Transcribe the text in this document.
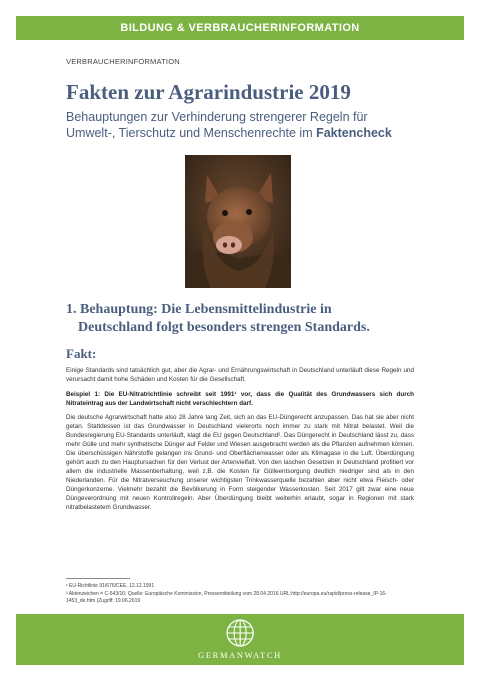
BILDUNG & VERBRAUCHERINFORMATION
VERBRAUCHERINFORMATION
Fakten zur Agrarindustrie 2019
Behauptungen zur Verhinderung strengerer Regeln für Umwelt-, Tierschutz und Menschenrechte im Faktencheck
1. Behauptung: Die Lebensmittelindustrie in
Deutschland folgt besonders strengen Standards.
Fakt:

Einige Standards sind tatsächlich gut, aber die Agrar- und Ernährungswirtschaft in Deutschland unterläuft diese Regeln und verursacht damit hohe Schäden und Kosten für die Gesellschaft.

Beispiel 1: Die EU-Nitratrichtlinie schreibt seit 1991¹ vor, dass die Qualität des Grundwassers sich durch Nitrateintrag aus der Landwirtschaft nicht verschlechtern darf.

Die deutsche Agrarwirtschaft hatte also 28 Jahre lang Zeit, sich an das EU-Düngerecht anzupassen. Das hat sie aber nicht getan. Stattdessen ist das Grundwasser in Deutschland vielerorts noch immer zu stark mit Nitrat belastet. Weil die Bundesregierung EU-Standards unterläuft, klagt die EU gegen Deutschland². Das Düngerecht in Deutschland lässt zu, dass mehr Gülle und mehr synthetische Dünger auf Felder und Wiesen ausgebracht werden als die Pflanzen aufnehmen können. Die überschüssigen Nährstoffe gelangen ins Grund- und Oberflächenwasser oder als Klimagase in die Luft. Überdüngung gehört auch zu den Hauptursachen für den Verlust der Artenvielfalt. Von den laschen Gesetzen in Deutschland profitiert vor allem die industrielle Massentierhaltung, weil z.B. die Kosten für Gülleentsorgung deutlich niedriger sind als in den Niederlanden. Für die Nitratverseuchung unserer wichtigsten Trinkwasserquelle bezahlen aber nicht etwa Fleisch- oder Düngerkonzerne. Vielmehr bezahlt die Bevölkerung in Form steigender Wasserkosten. Seit 2017 gilt zwar eine neue Düngeverordnung mit neuen Kontrollregeln. Aber Überdüngung bleibt weiterhin erlaubt, sogar in Regionen mit stark nitratbelastetem Grundwasser.

¹ EU-Richtlinie 91/676/CEE, 12.12.1991

² Aktenzeichen = C-543/16; Quelle: Europäische Kommission, Pressemitteilung vom 28.04.2016 URL:http://europa.eu/rapid/press-release_IP-16-1453_de.htm (Zugriff: 19.06.2019

GERMANWATCH
